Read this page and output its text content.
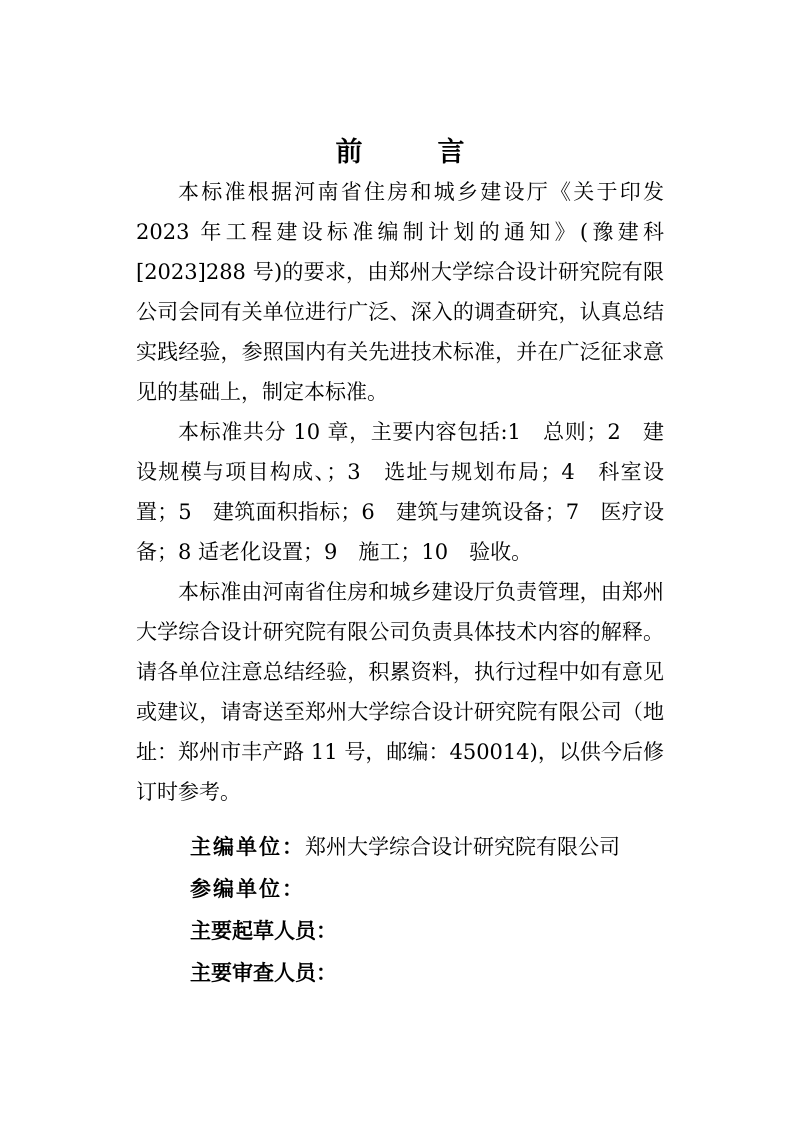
前　言

本标准根据河南省住房和城乡建设厅《关于印发 2023 年工程建设标准编制计划的通知》(豫建科[2023]288 号)的要求，由郑州大学综合设计研究院有限公司会同有关单位进行广泛、深入的调查研究，认真总结实践经验，参照国内有关先进技术标准，并在广泛征求意见的基础上，制定本标准。

本标准共分 10 章，主要内容包括:1　总则；2　建设规模与项目构成、；3　选址与规划布局；4　科室设置；5　建筑面积指标；6　建筑与建筑设备；7　医疗设备；8 适老化设置；9　施工；10　验收。

本标准由河南省住房和城乡建设厅负责管理，由郑州大学综合设计研究院有限公司负责具体技术内容的解释。请各单位注意总结经验，积累资料，执行过程中如有意见或建议，请寄送至郑州大学综合设计研究院有限公司（地址：郑州市丰产路 11 号，邮编：450014)，以供今后修订时参考。

主编单位：郑州大学综合设计研究院有限公司
参编单位：
主要起草人员：
主要审查人员：
